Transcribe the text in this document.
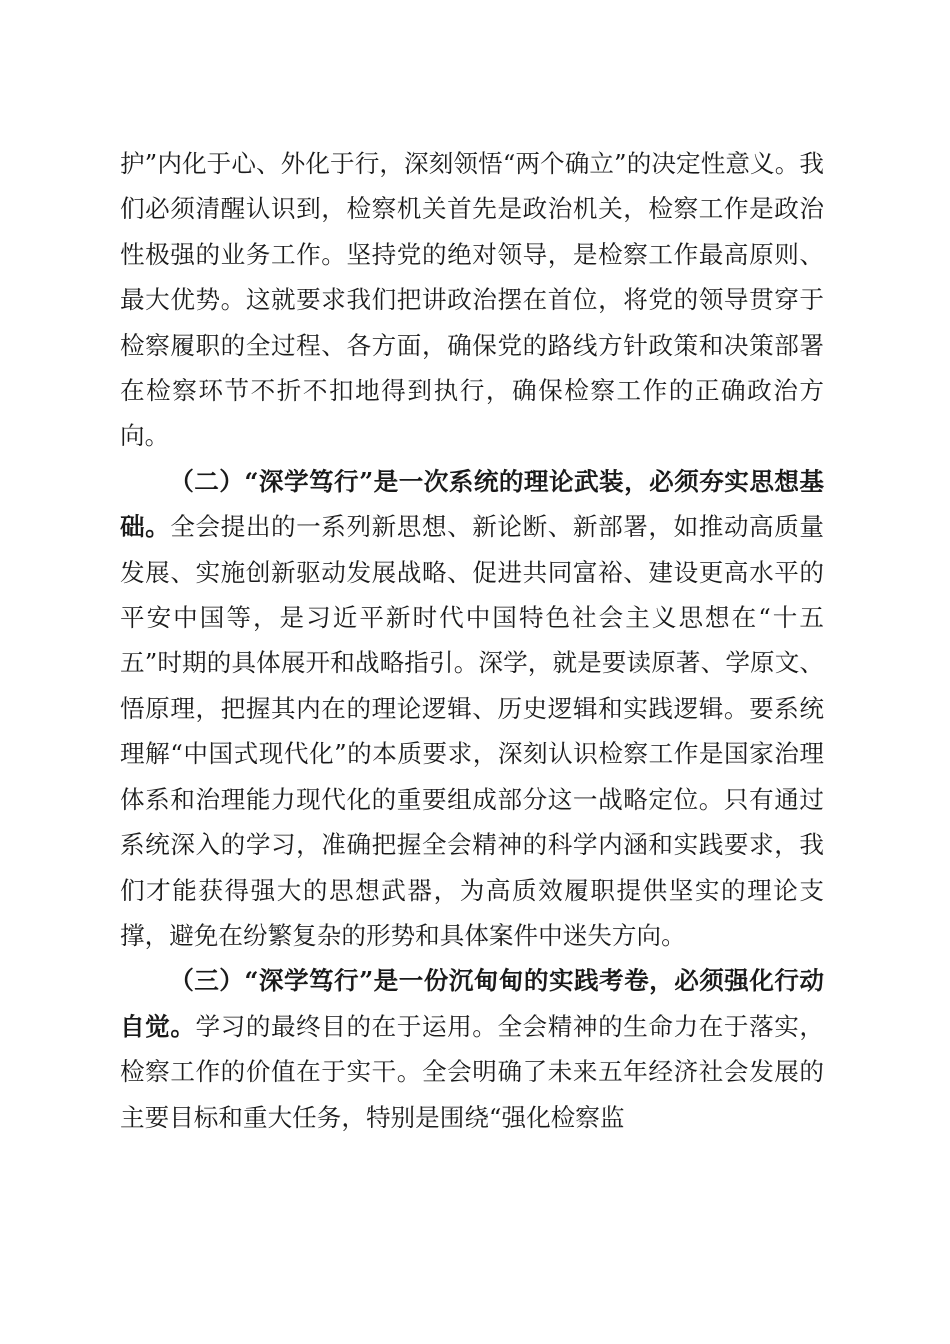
护”内化于心、外化于行，深刻领悟“两个确立”的决定性意义。我们必须清醒认识到，检察机关首先是政治机关，检察工作是政治性极强的业务工作。坚持党的绝对领导，是检察工作最高原则、最大优势。这就要求我们把讲政治摆在首位，将党的领导贯穿于检察履职的全过程、各方面，确保党的路线方针政策和决策部署在检察环节不折不扣地得到执行，确保检察工作的正确政治方向。

（二）“深学笃行”是一次系统的理论武装，必须夯实思想基础。全会提出的一系列新思想、新论断、新部署，如推动高质量发展、实施创新驱动发展战略、促进共同富裕、建设更高水平的平安中国等，是习近平新时代中国特色社会主义思想在“十五五”时期的具体展开和战略指引。深学，就是要读原著、学原文、悟原理，把握其内在的理论逻辑、历史逻辑和实践逻辑。要系统理解“中国式现代化”的本质要求，深刻认识检察工作是国家治理体系和治理能力现代化的重要组成部分这一战略定位。只有通过系统深入的学习，准确把握全会精神的科学内涵和实践要求，我们才能获得强大的思想武器，为高质效履职提供坚实的理论支撑，避免在纷繁复杂的形势和具体案件中迷失方向。

（三）“深学笃行”是一份沉甸甸的实践考卷，必须强化行动自觉。学习的最终目的在于运用。全会精神的生命力在于落实，检察工作的价值在于实干。全会明确了未来五年经济社会发展的主要目标和重大任务，特别是围绕“强化检察监
